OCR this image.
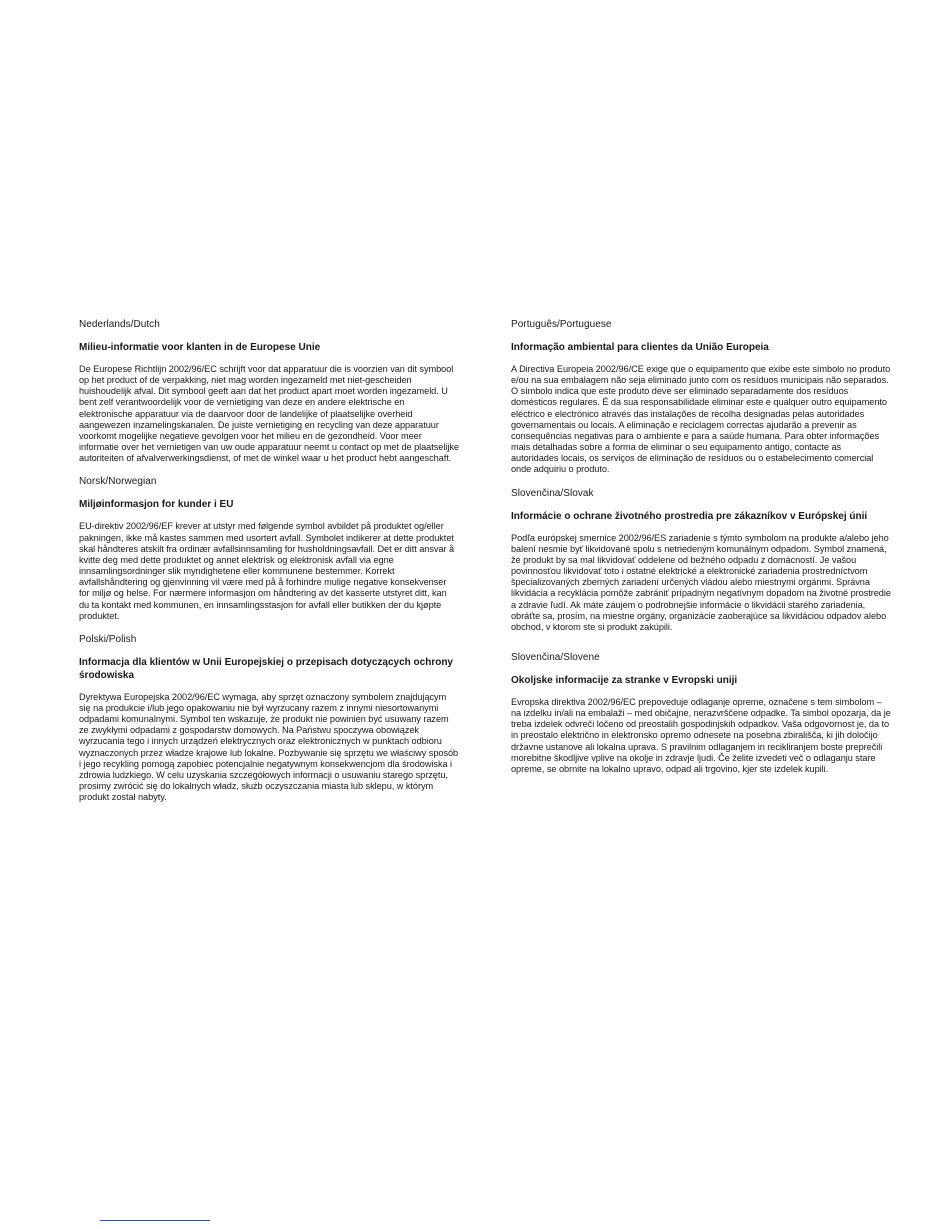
Nederlands/Dutch
Milieu-informatie voor klanten in de Europese Unie

De Europese Richtlijn 2002/96/EC schrijft voor dat apparatuur die is voorzien van dit symbool op het product of de verpakking, niet mag worden ingezameld met niet-gescheiden huishoudelijk afval. Dit symbool geeft aan dat het product apart moet worden ingezameld. U bent zelf verantwoordelijk voor de vernietiging van deze en andere elektrische en elektronische apparatuur via de daarvoor door de landelijke of plaatselijke overheid aangewezen inzamelingskanalen. De juiste vernietiging en recycling van deze apparatuur voorkomt mogelijke negatieve gevolgen voor het milieu en de gezondheid. Voor meer informatie over het vernietigen van uw oude apparatuur neemt u contact op met de plaatselijke autoriteiten of afvalverwerkingsdienst, of met de winkel waar u het product hebt aangeschaft.

Norsk/Norwegian
Miljøinformasjon for kunder i EU

EU-direktiv 2002/96/EF krever at utstyr med følgende symbol avbildet på produktet og/eller pakningen, ikke må kastes sammen med usortert avfall. Symbolet indikerer at dette produktet skal håndteres atskilt fra ordinær avfallsinnsamling for husholdningsavfall. Det er ditt ansvar å kvitte deg med dette produktet og annet elektrisk og elektronisk avfall via egne innsamlingsordninger slik myndighetene eller kommunene bestemmer. Korrekt avfallshåndtering og gjenvinning vil være med på å forhindre mulige negative konsekvenser for miljø og helse. For nærmere informasjon om håndtering av det kasserte utstyret ditt, kan du ta kontakt med kommunen, en innsamlingsstasjon for avfall eller butikken der du kjøpte produktet.

Polski/Polish
Informacja dla klientów w Unii Europejskiej o przepisach dotyczących ochrony środowiska

Dyrektywa Europejska 2002/96/EC wymaga, aby sprzęt oznaczony symbolem znajdującym się na produkcie i/lub jego opakowaniu nie był wyrzucany razem z innymi niesortowanymi odpadami komunalnymi. Symbol ten wskazuje, że produkt nie powinien być usuwany razem ze zwykłymi odpadami z gospodarstw domowych. Na Państwu spoczywa obowiązek wyrzucania tego i innych urządzeń elektrycznych oraz elektronicznych w punktach odbioru wyznaczonych przez władze krajowe lub lokalne. Pozbywanie się sprzętu we właściwy sposób i jego recykling pomogą zapobiec potencjalnie negatywnym konsekwencjom dla środowiska i zdrowia ludzkiego. W celu uzyskania szczegółowych informacji o usuwaniu starego sprzętu, prosimy zwrócić się do lokalnych władz, służb oczyszczania miasta lub sklepu, w którym produkt został nabyty.

Português/Portuguese
Informação ambiental para clientes da União Europeia

A Directiva Europeia 2002/96/CE exige que o equipamento que exibe este símbolo no produto e/ou na sua embalagem não seja eliminado junto com os resíduos municipais não separados. O símbolo indica que este produto deve ser eliminado separadamente dos resíduos domésticos regulares. É da sua responsabilidade eliminar este e qualquer outro equipamento eléctrico e electrónico através das instalações de recolha designadas pelas autoridades governamentais ou locais. A eliminação e reciclagem correctas ajudarão a prevenir as consequências negativas para o ambiente e para a saúde humana. Para obter informações mais detalhadas sobre a forma de eliminar o seu equipamento antigo, contacte as autoridades locais, os serviços de eliminação de resíduos ou o estabelecimento comercial onde adquiriu o produto.

Slovenčina/Slovak
Informácie o ochrane životného prostredia pre zákazníkov v Európskej únii

Podľa európskej smernice 2002/96/ES zariadenie s týmto symbolom na produkte a/alebo jeho balení nesmie byť likvidované spolu s netriedeným komunálnym odpadom. Symbol znamená, že produkt by sa mal likvidovať oddelene od bežného odpadu z domácností. Je vašou povinnosťou likvidovať toto i ostatné elektrické a elektronické zariadenia prostredníctvom špecializovaných zberných zariadení určených vládou alebo miestnymi orgánmi. Správna likvidácia a recyklácia pomôže zabrániť prípadným negatívnym dopadom na životné prostredie a zdravie ľudí. Ak máte záujem o podrobnejšie informácie o likvidácii starého zariadenia, obráťte sa, prosím, na miestne orgány, organizácie zaoberajúce sa likvidáciou odpadov alebo obchod, v ktorom ste si produkt zakúpili.

Slovenčina/Slovene
Okoljske informacije za stranke v Evropski uniji

Evropska direktiva 2002/96/EC prepoveduje odlaganje opreme, označene s tem simbolom – na izdelku in/ali na embalaži – med običajne, nerazvrščene odpadke. Ta simbol opozarja, da je treba izdelek odvreči ločeno od preostalih gospodinjskih odpadkov. Vaša odgovornost je, da to in preostalo električno in elektronsko opremo odnesete na posebna zbirališča, ki jih določijo državne ustanove ali lokalna uprava. S pravilnim odlaganjem in recikliranjem boste preprečili morebitne škodljive vplive na okolje in zdravje ljudi. Če želite izvedeti več o odlaganju stare opreme, se obrnite na lokalno upravo, odpad ali trgovino, kjer ste izdelek kupili.
